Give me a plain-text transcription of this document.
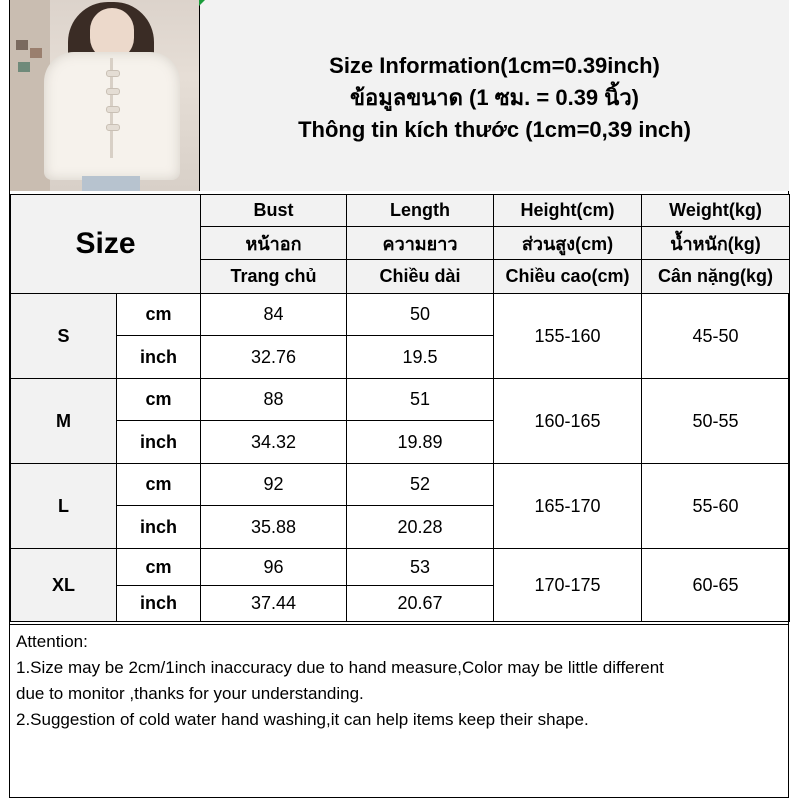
Size Information(1cm=0.39inch)
ข้อมูลขนาด (1 ซม. = 0.39 นิ้ว)
Thông tin kích thước (1cm=0,39 inch)
Size		Bust	Length	Height(cm)	Weight(kg)
		หน้าอก	ความยาว	ส่วนสูง(cm)	น้ำหนัก(kg)
		Trang chủ	Chiều dài	Chiều cao(cm)	Cân nặng(kg)
S	cm	84	50	155-160	45-50
	inch	32.76	19.5		
M	cm	88	51	160-165	50-55
	inch	34.32	19.89		
L	cm	92	52	165-170	55-60
	inch	35.88	20.28		
XL	cm	96	53	170-175	60-65
	inch	37.44	20.67		
Attention:
1.Size may be 2cm/1inch inaccuracy due to hand measure,Color may be little different
due to monitor ,thanks for your understanding.
2.Suggestion of cold water hand washing,it can help items keep their shape.
